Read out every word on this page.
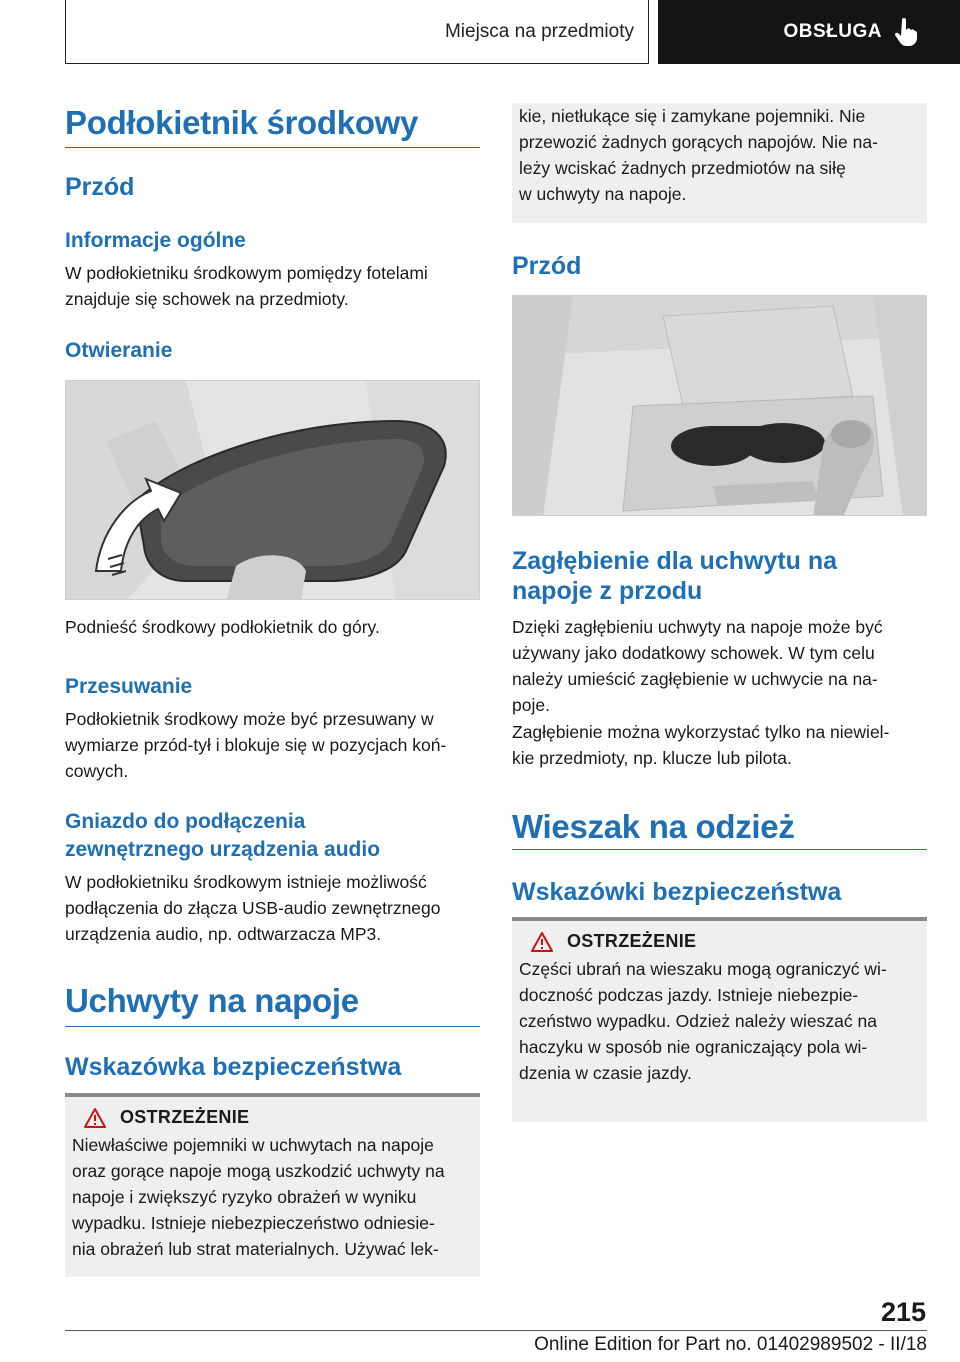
Miejsca na przedmioty	OBSŁUGA
Podłokietnik środkowy
Przód
Informacje ogólne
W podłokietniku środkowym pomiędzy fotelami
znajduje się schowek na przedmioty.
Otwieranie
Podnieść środkowy podłokietnik do góry.
Przesuwanie
Podłokietnik środkowy może być przesuwany w
wymiarze przód-tył i blokuje się w pozycjach koń‐
cowych.
Gniazdo do podłączenia
zewnętrznego urządzenia audio
W podłokietniku środkowym istnieje możliwość
podłączenia do złącza USB-audio zewnętrznego
urządzenia audio, np. odtwarzacza MP3.
Uchwyty na napoje
Wskazówka bezpieczeństwa
OSTRZEŻENIE
Niewłaściwe pojemniki w uchwytach na napoje
oraz gorące napoje mogą uszkodzić uchwyty na
napoje i zwiększyć ryzyko obrażeń w wyniku
wypadku. Istnieje niebezpieczeństwo odniesie‐
nia obrażeń lub strat materialnych. Używać lek‐
kie, nietłukące się i zamykane pojemniki. Nie
przewozić żadnych gorących napojów. Nie na‐
leży wciskać żadnych przedmiotów na siłę
w uchwyty na napoje.
Przód
Zagłębienie dla uchwytu na
napoje z przodu
Dzięki zagłębieniu uchwyty na napoje może być
używany jako dodatkowy schowek. W tym celu
należy umieścić zagłębienie w uchwycie na na‐
poje.
Zagłębienie można wykorzystać tylko na niewiel‐
kie przedmioty, np. klucze lub pilota.
Wieszak na odzież
Wskazówki bezpieczeństwa
OSTRZEŻENIE
Części ubrań na wieszaku mogą ograniczyć wi‐
doczność podczas jazdy. Istnieje niebezpie‐
czeństwo wypadku. Odzież należy wieszać na
haczyku w sposób nie ograniczający pola wi‐
dzenia w czasie jazdy.
215
Online Edition for Part no. 01402989502 - II/18
